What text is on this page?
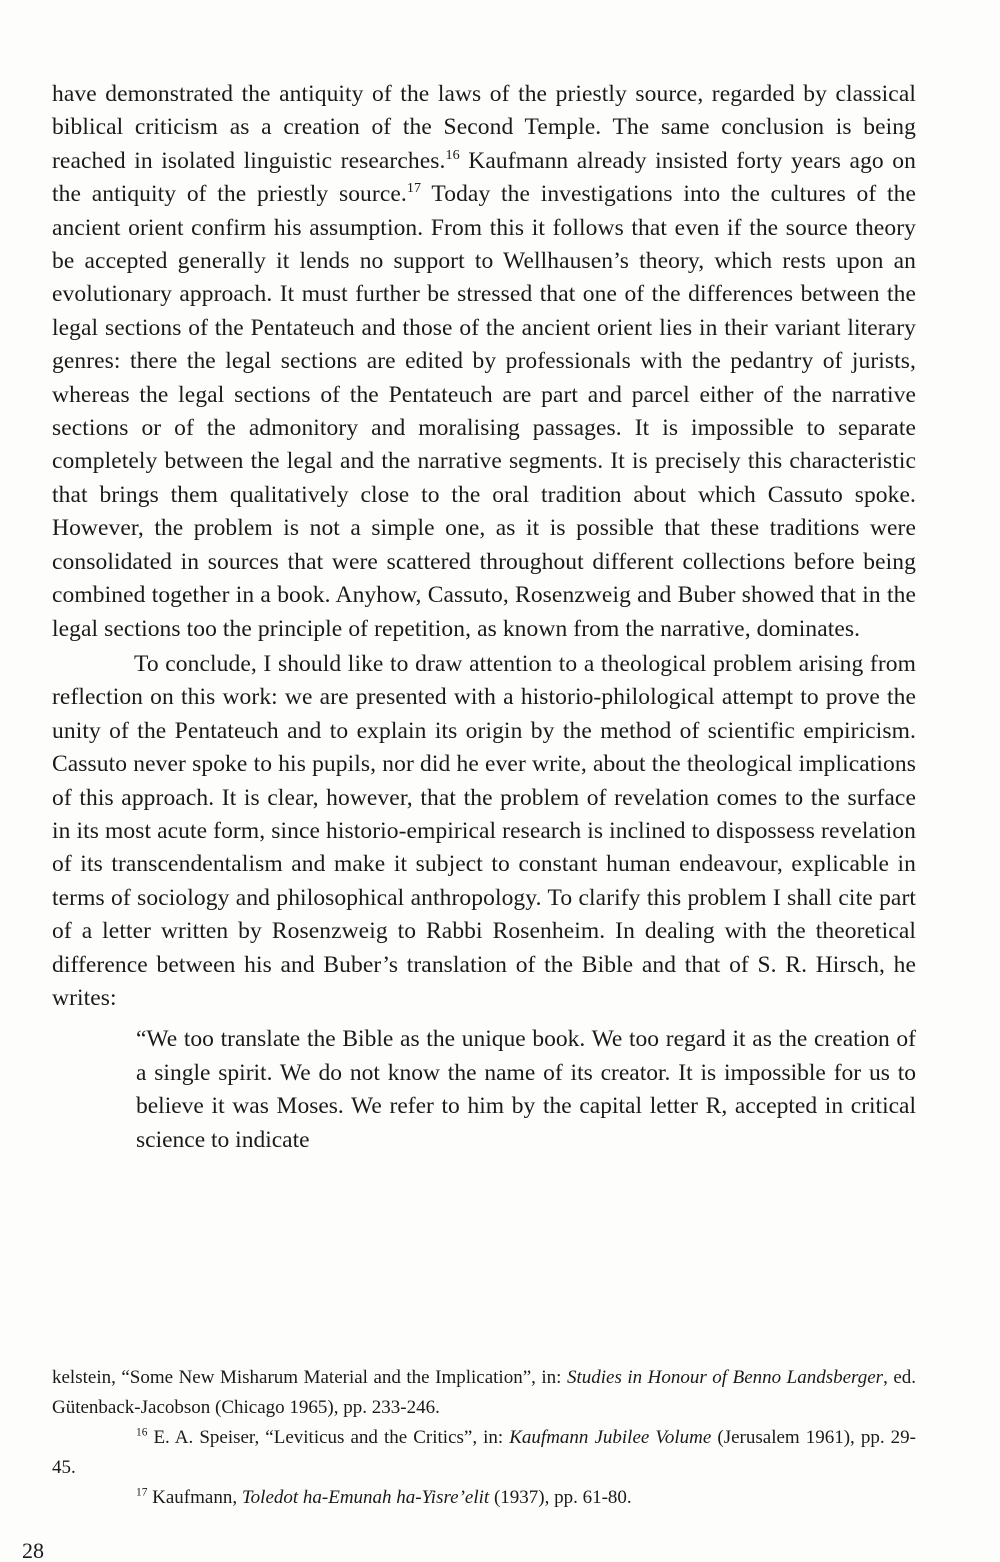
have demonstrated the antiquity of the laws of the priestly source, regarded by classical biblical criticism as a creation of the Second Temple. The same conclusion is being reached in isolated linguistic researches.$^{16}$ Kaufmann already insisted forty years ago on the antiquity of the priestly source.$^{17}$ Today the investigations into the cultures of the ancient orient confirm his assumption. From this it follows that even if the source theory be accepted generally it lends no support to Wellhausen’s theory, which rests upon an evolutionary approach. It must further be stressed that one of the differences between the legal sections of the Pentateuch and those of the ancient orient lies in their variant literary genres: there the legal sections are edited by professionals with the pedantry of jurists, whereas the legal sections of the Pentateuch are part and parcel either of the narrative sections or of the admonitory and moralising passages. It is impossible to separate completely between the legal and the narrative segments. It is precisely this characteristic that brings them qualitatively close to the oral tradition about which Cassuto spoke. However, the problem is not a simple one, as it is possible that these traditions were consolidated in sources that were scattered throughout different collections before being combined together in a book. Anyhow, Cassuto, Rosenzweig and Buber showed that in the legal sections too the principle of repetition, as known from the narrative, dominates.

To conclude, I should like to draw attention to a theological problem arising from reflection on this work: we are presented with a historio-philological attempt to prove the unity of the Pentateuch and to explain its origin by the method of scientific empiricism. Cassuto never spoke to his pupils, nor did he ever write, about the theological implications of this approach. It is clear, however, that the problem of revelation comes to the surface in its most acute form, since historio-empirical research is inclined to dispossess revelation of its transcendentalism and make it subject to constant human endeavour, explicable in terms of sociology and philosophical anthropology. To clarify this problem I shall cite part of a letter written by Rosenzweig to Rabbi Rosenheim. In dealing with the theoretical difference between his and Buber’s translation of the Bible and that of S. R. Hirsch, he writes:

“We too translate the Bible as the unique book. We too regard it as the creation of a single spirit. We do not know the name of its creator. It is impossible for us to believe it was Moses. We refer to him by the capital letter R, accepted in critical science to indicate

kelstein, “Some New Misharum Material and the Implication”, in: Studies in Honour of Benno Landsberger, ed. Gütenback-Jacobson (Chicago 1965), pp. 233-246.

$^{16}$ E. A. Speiser, “Leviticus and the Critics”, in: Kaufmann Jubilee Volume (Jerusalem 1961), pp. 29-45.

$^{17}$ Kaufmann, Toledot ha-Emunah ha-Yisre’elit (1937), pp. 61-80.

28
